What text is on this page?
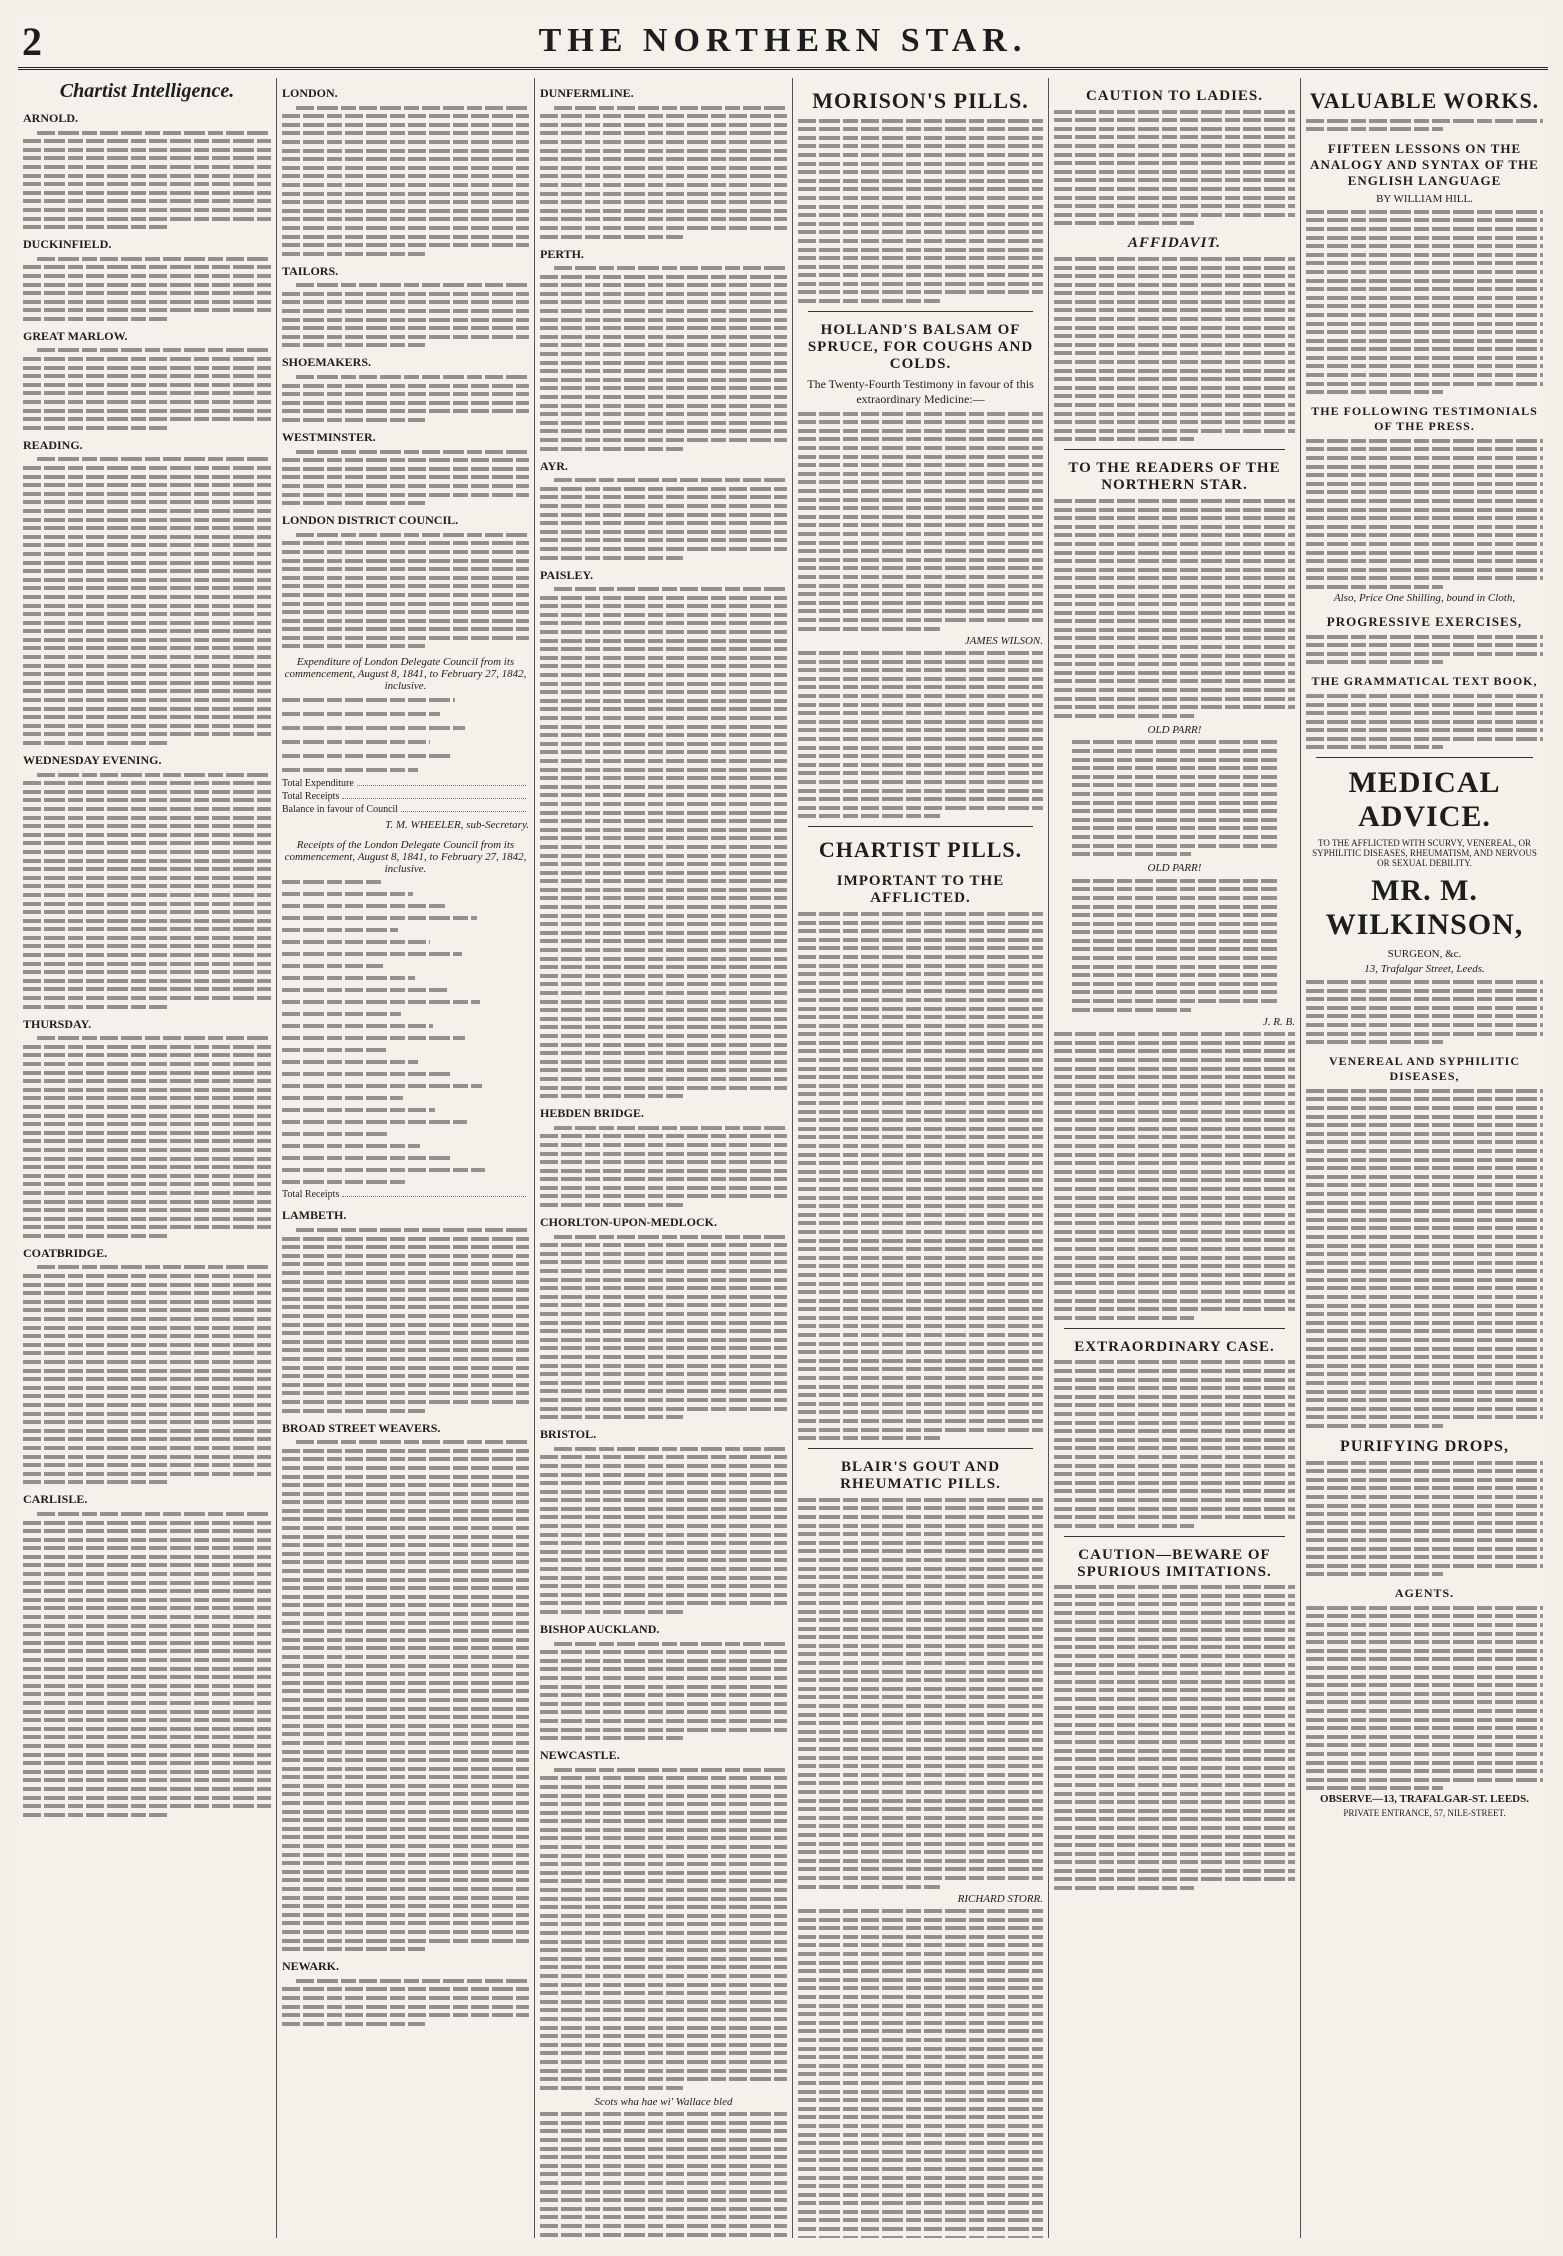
2	THE NORTHERN STAR.
Chartist Intelligence.
ARNOLD.
DUCKINFIELD.
GREAT MARLOW.
READING.
WEDNESDAY EVENING.
THURSDAY.
COATBRIDGE.
CARLISLE.
LONDON.
TAILORS.
SHOEMAKERS.
WESTMINSTER.
LONDON DISTRICT COUNCIL.
Expenditure of London Delegate Council from its commencement, August 8, 1841, to February 27, 1842, inclusive.
Total Expenditure
Total Receipts
Balance in favour of Council
T. M. WHEELER, sub-Secretary.
Receipts of the London Delegate Council from its commencement, August 8, 1841, to February 27, 1842, inclusive.
Total Receipts
LAMBETH.
BROAD STREET WEAVERS.
NEWARK.
DUNFERMLINE.
PERTH.
AYR.
PAISLEY.
HEBDEN BRIDGE.
CHORLTON-UPON-MEDLOCK.
BRISTOL.
BISHOP AUCKLAND.
NEWCASTLE.
Scots wha hae wi' Wallace bled
MORISON'S PILLS.
HOLLAND'S BALSAM OF SPRUCE, FOR COUGHS AND COLDS.
The Twenty-Fourth Testimony in favour of this extraordinary Medicine:—
JAMES WILSON.
CHARTIST PILLS.
IMPORTANT TO THE AFFLICTED.
BLAIR'S GOUT AND RHEUMATIC PILLS.
RICHARD STORR.
CAUTION TO LADIES.
AFFIDAVIT.
TO THE READERS OF THE NORTHERN STAR.
OLD PARR!
OLD PARR!
J. R. B.
EXTRAORDINARY CASE.
CAUTION—BEWARE OF SPURIOUS IMITATIONS.
VALUABLE WORKS.
FIFTEEN LESSONS ON THE ANALOGY AND SYNTAX OF THE ENGLISH LANGUAGE
BY WILLIAM HILL.
THE FOLLOWING TESTIMONIALS OF THE PRESS.
Also, Price One Shilling, bound in Cloth,
PROGRESSIVE EXERCISES,
THE GRAMMATICAL TEXT BOOK,
MEDICAL ADVICE.
TO THE AFFLICTED WITH SCURVY, VENEREAL, OR SYPHILITIC DISEASES, RHEUMATISM, AND NERVOUS OR SEXUAL DEBILITY.
MR. M. WILKINSON,
SURGEON, &c.
13, Trafalgar Street, Leeds.
VENEREAL AND SYPHILITIC DISEASES,
PURIFYING DROPS,
AGENTS.
OBSERVE—13, TRAFALGAR-ST. LEEDS.
PRIVATE ENTRANCE, 57, NILE-STREET.
